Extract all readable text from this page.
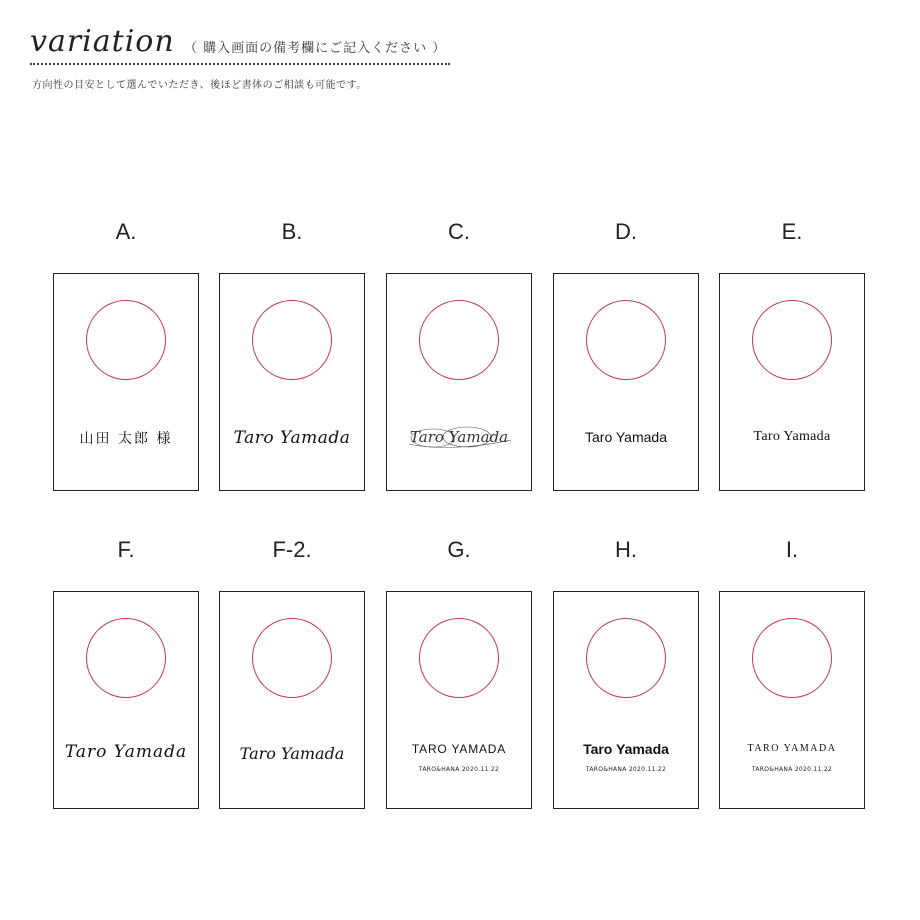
variation （ 購入画面の備考欄にご記入ください ）
方向性の目安として選んでいただき、後ほど書体のご相談も可能です。
A.
山田 太郎 様
B.
Taro Yamada
C.
Taro Yamada
D.
Taro Yamada
E.
Taro Yamada
F.
Taro Yamada
F-2.
Taro Yamada
G.
TARO YAMADA
TARO&HANA 2020.11.22
H.
Taro Yamada
TARO&HANA 2020.11.22
I.
TARO YAMADA
TARO&HANA 2020.11.22
